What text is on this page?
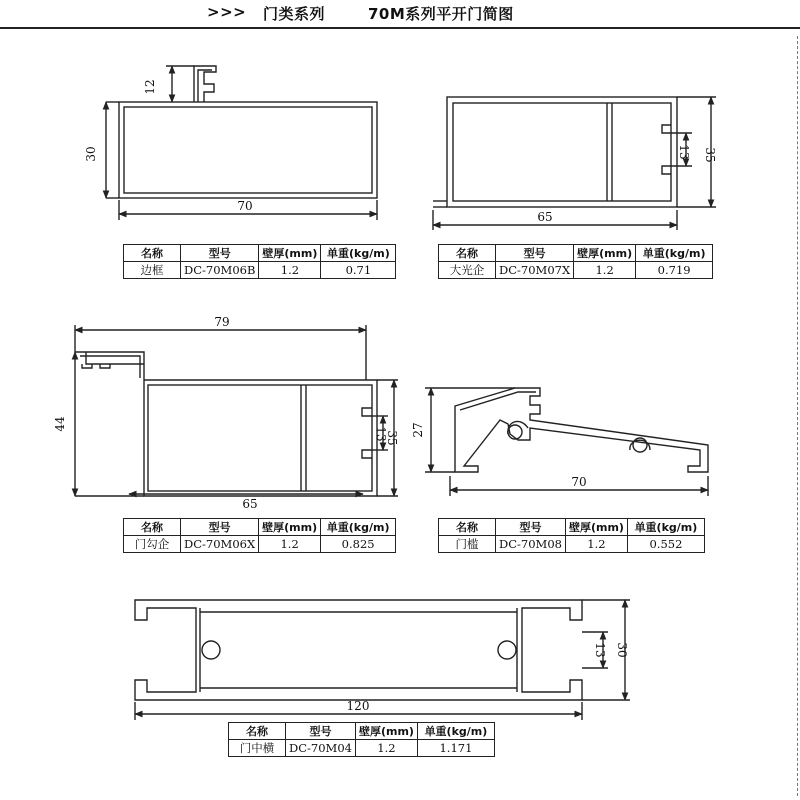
>>> 门类系列	70M系列平开门简图
12
30
70
35
13
65
79
44
65
13
35
27
70
120
30
13
名称	型号	壁厚(mm)	单重(kg/m)
边框	DC-70M06B	1.2	0.71
名称	型号	壁厚(mm)	单重(kg/m)
大光企	DC-70M07X	1.2	0.719
名称	型号	壁厚(mm)	单重(kg/m)
门勾企	DC-70M06X	1.2	0.825
名称	型号	壁厚(mm)	单重(kg/m)
门槛	DC-70M08	1.2	0.552
名称	型号	壁厚(mm)	单重(kg/m)
门中横	DC-70M04	1.2	1.171
